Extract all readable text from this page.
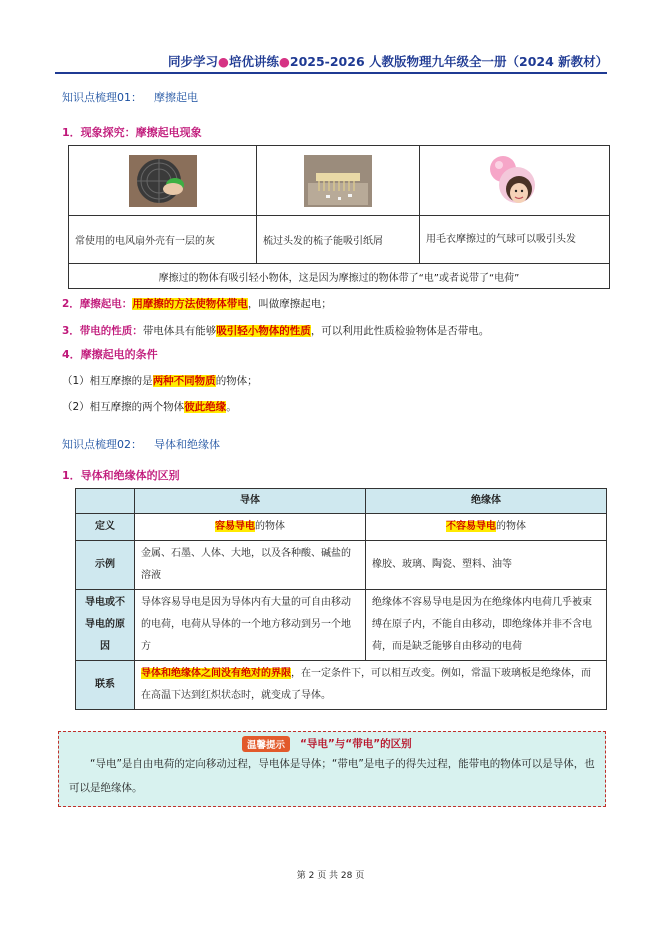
同步学习●培优讲练●2025-2026 人教版物理九年级全一册（2024 新教材）
知识点梳理01： 摩擦起电
1．现象探究：摩擦起电现象

常使用的电风扇外壳有一层的灰	梳过头发的梳子能吸引纸屑	用毛衣摩擦过的气球可以吸引头发
摩擦过的物体有吸引轻小物体，这是因为摩擦过的物体带了“电”或者说带了“电荷”		
2．摩擦起电：用摩擦的方法使物体带电，叫做摩擦起电；
3．带电的性质：带电体具有能够吸引轻小物体的性质，可以利用此性质检验物体是否带电。
4．摩擦起电的条件
（1）相互摩擦的是两种不同物质的物体；
（2）相互摩擦的两个物体彼此绝缘。
知识点梳理02： 导体和绝缘体
1．导体和绝缘体的区别
	导体	绝缘体
定义	容易导电的物体	不容易导电的物体
示例	金属、石墨、人体、大地，以及各种酸、碱盐的溶液	橡胶、玻璃、陶瓷、塑料、油等
导电或不导电的原因	导体容易导电是因为导体内有大量的可自由移动的电荷，电荷从导体的一个地方移动到另一个地方	绝缘体不容易导电是因为在绝缘体内电荷几乎被束缚在原子内，不能自由移动，即绝缘体并非不含电荷，而是缺乏能够自由移动的电荷
联系	导体和绝缘体之间没有绝对的界限，在一定条件下，可以相互改变。例如，常温下玻璃板是绝缘体，而在高温下达到红炽状态时，就变成了导体。	
“导电”是自由电荷的定向移动过程，导电体是导体；“带电”是电子的得失过程，能带电的物体可以是导体，也可以是绝缘体。
温馨提示	“导电”与“带电”的区别
第 2 页 共 28 页
